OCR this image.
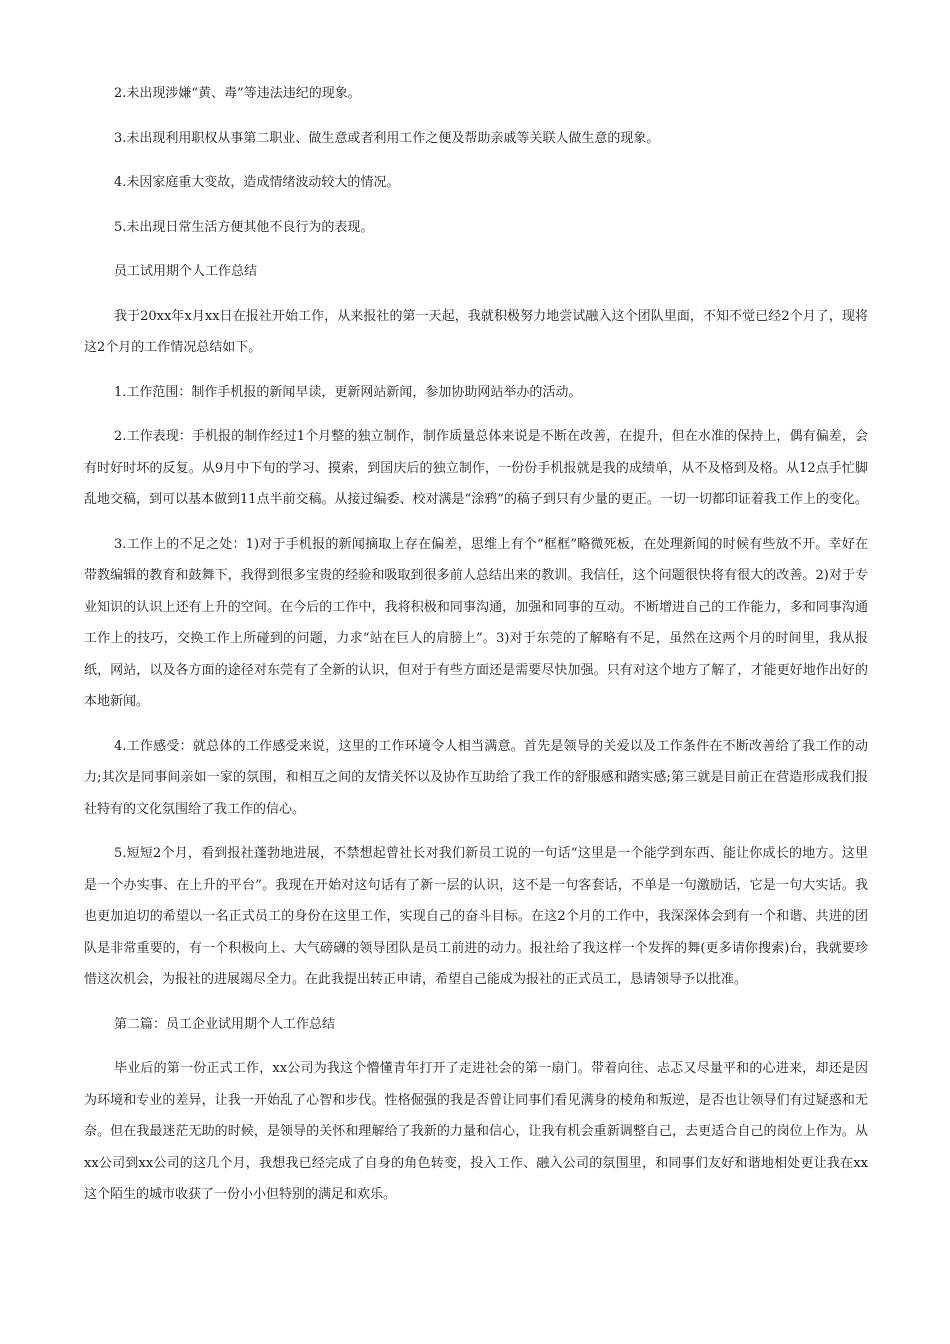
2.未出现涉嫌“黄、毒”等违法违纪的现象。

3.未出现利用职权从事第二职业、做生意或者利用工作之便及帮助亲戚等关联人做生意的现象。

4.未因家庭重大变故，造成情绪波动较大的情况。

5.未出现日常生活方便其他不良行为的表现。

员工试用期个人工作总结

我于20xx年x月xx日在报社开始工作，从来报社的第一天起，我就积极努力地尝试融入这个团队里面，不知不觉已经2个月了，现将这2个月的工作情况总结如下。

1.工作范围：制作手机报的新闻早读，更新网站新闻，参加协助网站举办的活动。

2.工作表现：手机报的制作经过1个月整的独立制作，制作质量总体来说是不断在改善，在提升，但在水准的保持上，偶有偏差，会有时好时坏的反复。从9月中下旬的学习、摸索，到国庆后的独立制作，一份份手机报就是我的成绩单，从不及格到及格。从12点手忙脚乱地交稿，到可以基本做到11点半前交稿。从接过编委、校对满是“涂鸦”的稿子到只有少量的更正。一切一切都印证着我工作上的变化。

3.工作上的不足之处：1)对于手机报的新闻摘取上存在偏差，思维上有个“框框”略微死板，在处理新闻的时候有些放不开。幸好在带教编辑的教育和鼓舞下，我得到很多宝贵的经验和吸取到很多前人总结出来的教训。我信任，这个问题很快将有很大的改善。2)对于专业知识的认识上还有上升的空间。在今后的工作中，我将积极和同事沟通，加强和同事的互动。不断增进自己的工作能力，多和同事沟通工作上的技巧，交换工作上所碰到的问题，力求“站在巨人的肩膀上”。3)对于东莞的了解略有不足，虽然在这两个月的时间里，我从报纸，网站，以及各方面的途径对东莞有了全新的认识，但对于有些方面还是需要尽快加强。只有对这个地方了解了，才能更好地作出好的本地新闻。

4.工作感受：就总体的工作感受来说，这里的工作环境令人相当满意。首先是领导的关爱以及工作条件在不断改善给了我工作的动力;其次是同事间亲如一家的氛围，和相互之间的友情关怀以及协作互助给了我工作的舒服感和踏实感;第三就是目前正在营造形成我们报社特有的文化氛围给了我工作的信心。

5.短短2个月，看到报社蓬勃地进展，不禁想起曾社长对我们新员工说的一句话“这里是一个能学到东西、能让你成长的地方。这里是一个办实事、在上升的平台”。我现在开始对这句话有了新一层的认识，这不是一句客套话，不单是一句激励话，它是一句大实话。我也更加迫切的希望以一名正式员工的身份在这里工作，实现自己的奋斗目标。在这2个月的工作中，我深深体会到有一个和谐、共进的团队是非常重要的，有一个积极向上、大气磅礴的领导团队是员工前进的动力。报社给了我这样一个发挥的舞(更多请你搜索)台，我就要珍惜这次机会，为报社的进展竭尽全力。在此我提出转正申请，希望自己能成为报社的正式员工，恳请领导予以批准。

第二篇：员工企业试用期个人工作总结

毕业后的第一份正式工作，xx公司为我这个懵懂青年打开了走进社会的第一扇门。带着向往、忐忑又尽量平和的心进来，却还是因为环境和专业的差异，让我一开始乱了心智和步伐。性格倔强的我是否曾让同事们看见满身的棱角和叛逆，是否也让领导们有过疑惑和无奈。但在我最迷茫无助的时候，是领导的关怀和理解给了我新的力量和信心，让我有机会重新调整自己，去更适合自己的岗位上作为。从xx公司到xx公司的这几个月，我想我已经完成了自身的角色转变，投入工作、融入公司的氛围里，和同事们友好和谐地相处更让我在xx这个陌生的城市收获了一份小小但特别的满足和欢乐。
